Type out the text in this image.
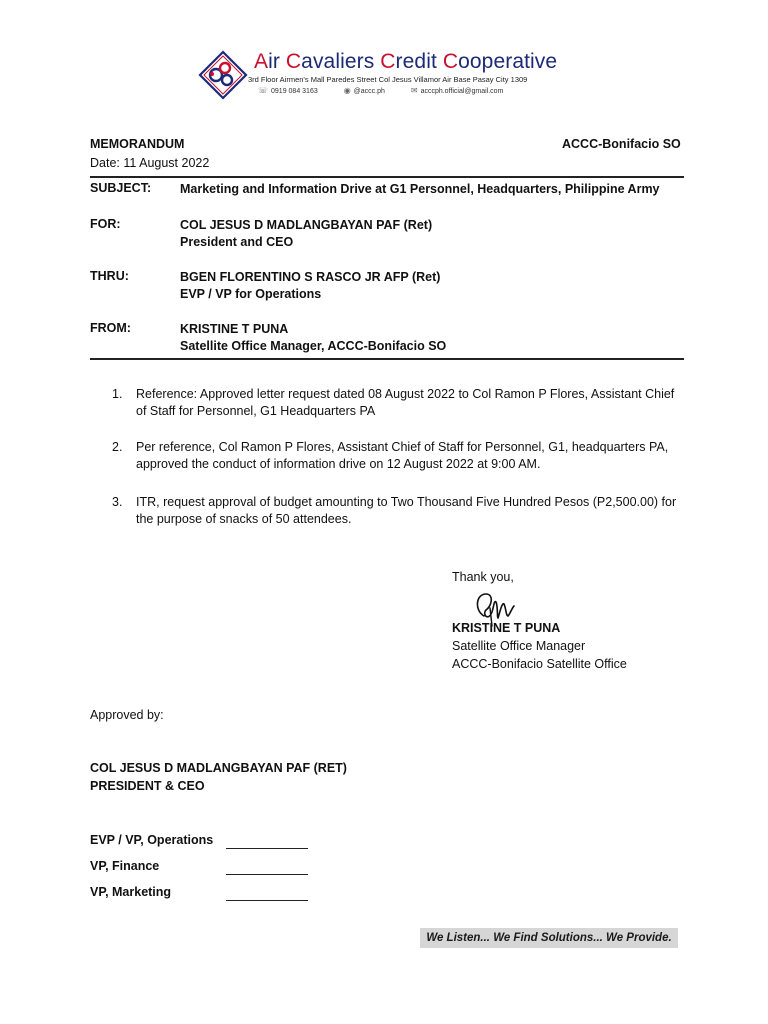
Air Cavaliers Credit Cooperative
3rd Floor Airmen's Mall Paredes Street Col Jesus Villamor Air Base Pasay City 1309
☏ 0919 084 3163	◉ @accc.ph	✉ acccph.official@gmail.com
MEMORANDUM
Date: 11 August 2022
ACCC-Bonifacio SO
SUBJECT: Marketing and Information Drive at G1 Personnel, Headquarters, Philippine Army
FOR:	COL JESUS D MADLANGBAYAN PAF (Ret)
President and CEO
THRU:	BGEN FLORENTINO S RASCO JR AFP (Ret)
EVP / VP for Operations
FROM:	KRISTINE T PUNA
Satellite Office Manager, ACCC-Bonifacio SO
1. Reference: Approved letter request dated 08 August 2022 to Col Ramon P Flores, Assistant Chief of Staff for Personnel, G1 Headquarters PA
2. Per reference, Col Ramon P Flores, Assistant Chief of Staff for Personnel, G1, headquarters PA, approved the conduct of information drive on 12 August 2022 at 9:00 AM.
3. ITR, request approval of budget amounting to Two Thousand Five Hundred Pesos (P2,500.00) for the purpose of snacks of 50 attendees.
Thank you,
KRISTINE T PUNA
Satellite Office Manager
ACCC-Bonifacio Satellite Office
Approved by:
COL JESUS D MADLANGBAYAN PAF (RET)
PRESIDENT & CEO
EVP / VP, Operations
VP, Finance
VP, Marketing
We Listen... We Find Solutions... We Provide.
